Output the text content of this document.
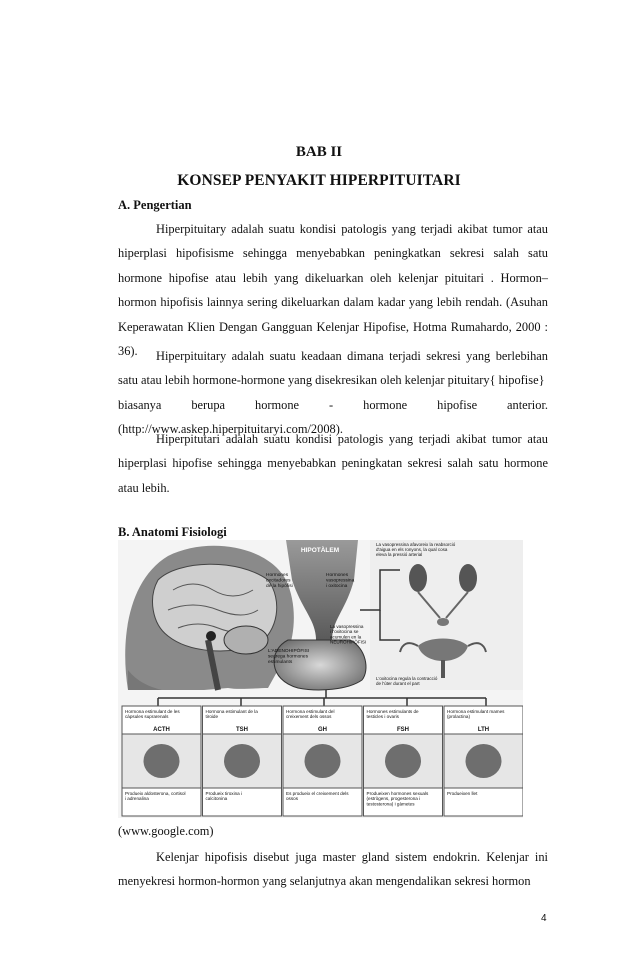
BAB II
KONSEP PENYAKIT HIPERPITUITARI
A. Pengertian

Hiperpituitary adalah suatu kondisi patologis yang terjadi akibat tumor atau hiperplasi hipofisisme sehingga menyebabkan peningkatkan sekresi salah satu hormone hipofise atau lebih yang dikeluarkan oleh kelenjar pituitari . Hormon–hormon hipofisis lainnya sering dikeluarkan dalam kadar yang lebih rendah. (Asuhan Keperawatan Klien Dengan Gangguan Kelenjar Hipofise, Hotma Rumahardo, 2000 : 36).	Hiperpituitary adalah suatu keadaan dimana terjadi sekresi yang berlebihan satu atau lebih hormone-hormone yang disekresikan oleh kelenjar pituitary{ hipofise}
biasanya berupa hormone - hormone hipofise anterior.
(http://www.askep.hiperpituitaryi.com/2008).

Hiperpitutari adalah suatu kondisi patologis yang terjadi akibat tumor atau hiperplasi hipofise sehingga menyebabkan peningkatan sekresi salah satu hormone atau lebih.

B. Anatomi Fisiologi
HIPOTÀLEM
Hormones excitadores de la hipòfisi
Hormones vasopressina i oxitocina
L'ADENOHIPÒFISI segrega hormones estimulants
La vasopressina i l'oxitocina se acumulen en la NEUROHIPÒFISI
La vasopressina afavoreix la reabsorció d'aigua en els ronyons, la qual cosa eleva la pressió arterial
L'oxitocina regula la contracció de l'úter durant el part
Hormona estimulant de les càpsules suprarenals
ACTH
Produeix aldosterona, cortisol i adrenalina
Hormona estimulant de la tiroide
TSH
Produeix tiroxina i calcitonina
Hormona estimulant del creixement dels ossos
GH
Es produeix el creixement dels ossos
Hormones estimulants de testicles i ovaris
FSH
Produeixen hormones sexuals (estrògens, progesterona i testosterona) i gàmetes
Hormona estimulant mames (prolactina)
LTH
Produeixen llet

(www.google.com)

Kelenjar hipofisis disebut juga master gland sistem endokrin. Kelenjar ini menyekresi hormon-hormon yang selanjutnya akan mengendalikan sekresi hormon

4
